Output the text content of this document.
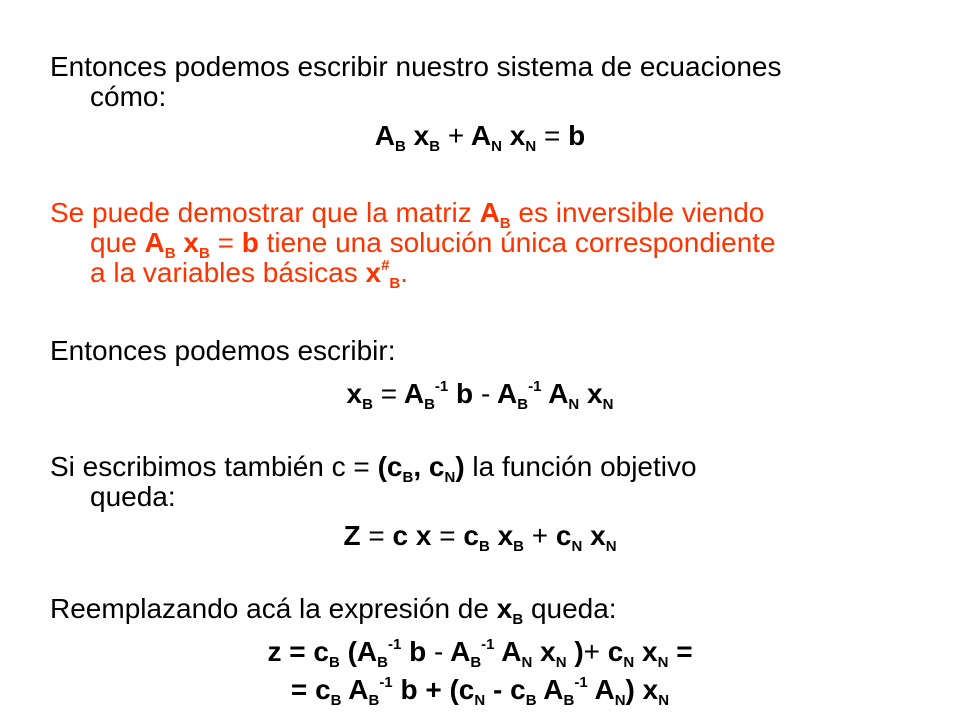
Entonces podemos escribir nuestro sistema de ecuaciones
cómo:
$A_B$ $x_B + A_N$ $x_N = b$
Se puede demostrar que la matriz $A_B$ es inversible viendo
que $A_B$ $x_B = b$ tiene una solución única correspondiente
a la variables básicas $x^{\#}_B$.
Entonces podemos escribir:
$x_B = A_B^{-1}$ b - $A_B^{-1}$ $A_N$ $x_N$
Si escribimos también $c = (c_B$, $c_N$) la función objetivo
queda:
Z = c $x = c_B$ $x_B + c_N$ $x_N$
Reemplazando acá la expresión de $x_B$ queda:
$z = c_B$ ($A_B^{-1}$ b - $A_B^{-1}$ $A_N$ $x_N$ )+ $c_N$ $x_N$ =
= $c_B$ $A_B^{-1}$ $b + (c_N - c_B$ $A_B^{-1}$ $A_N$) $x_N$
